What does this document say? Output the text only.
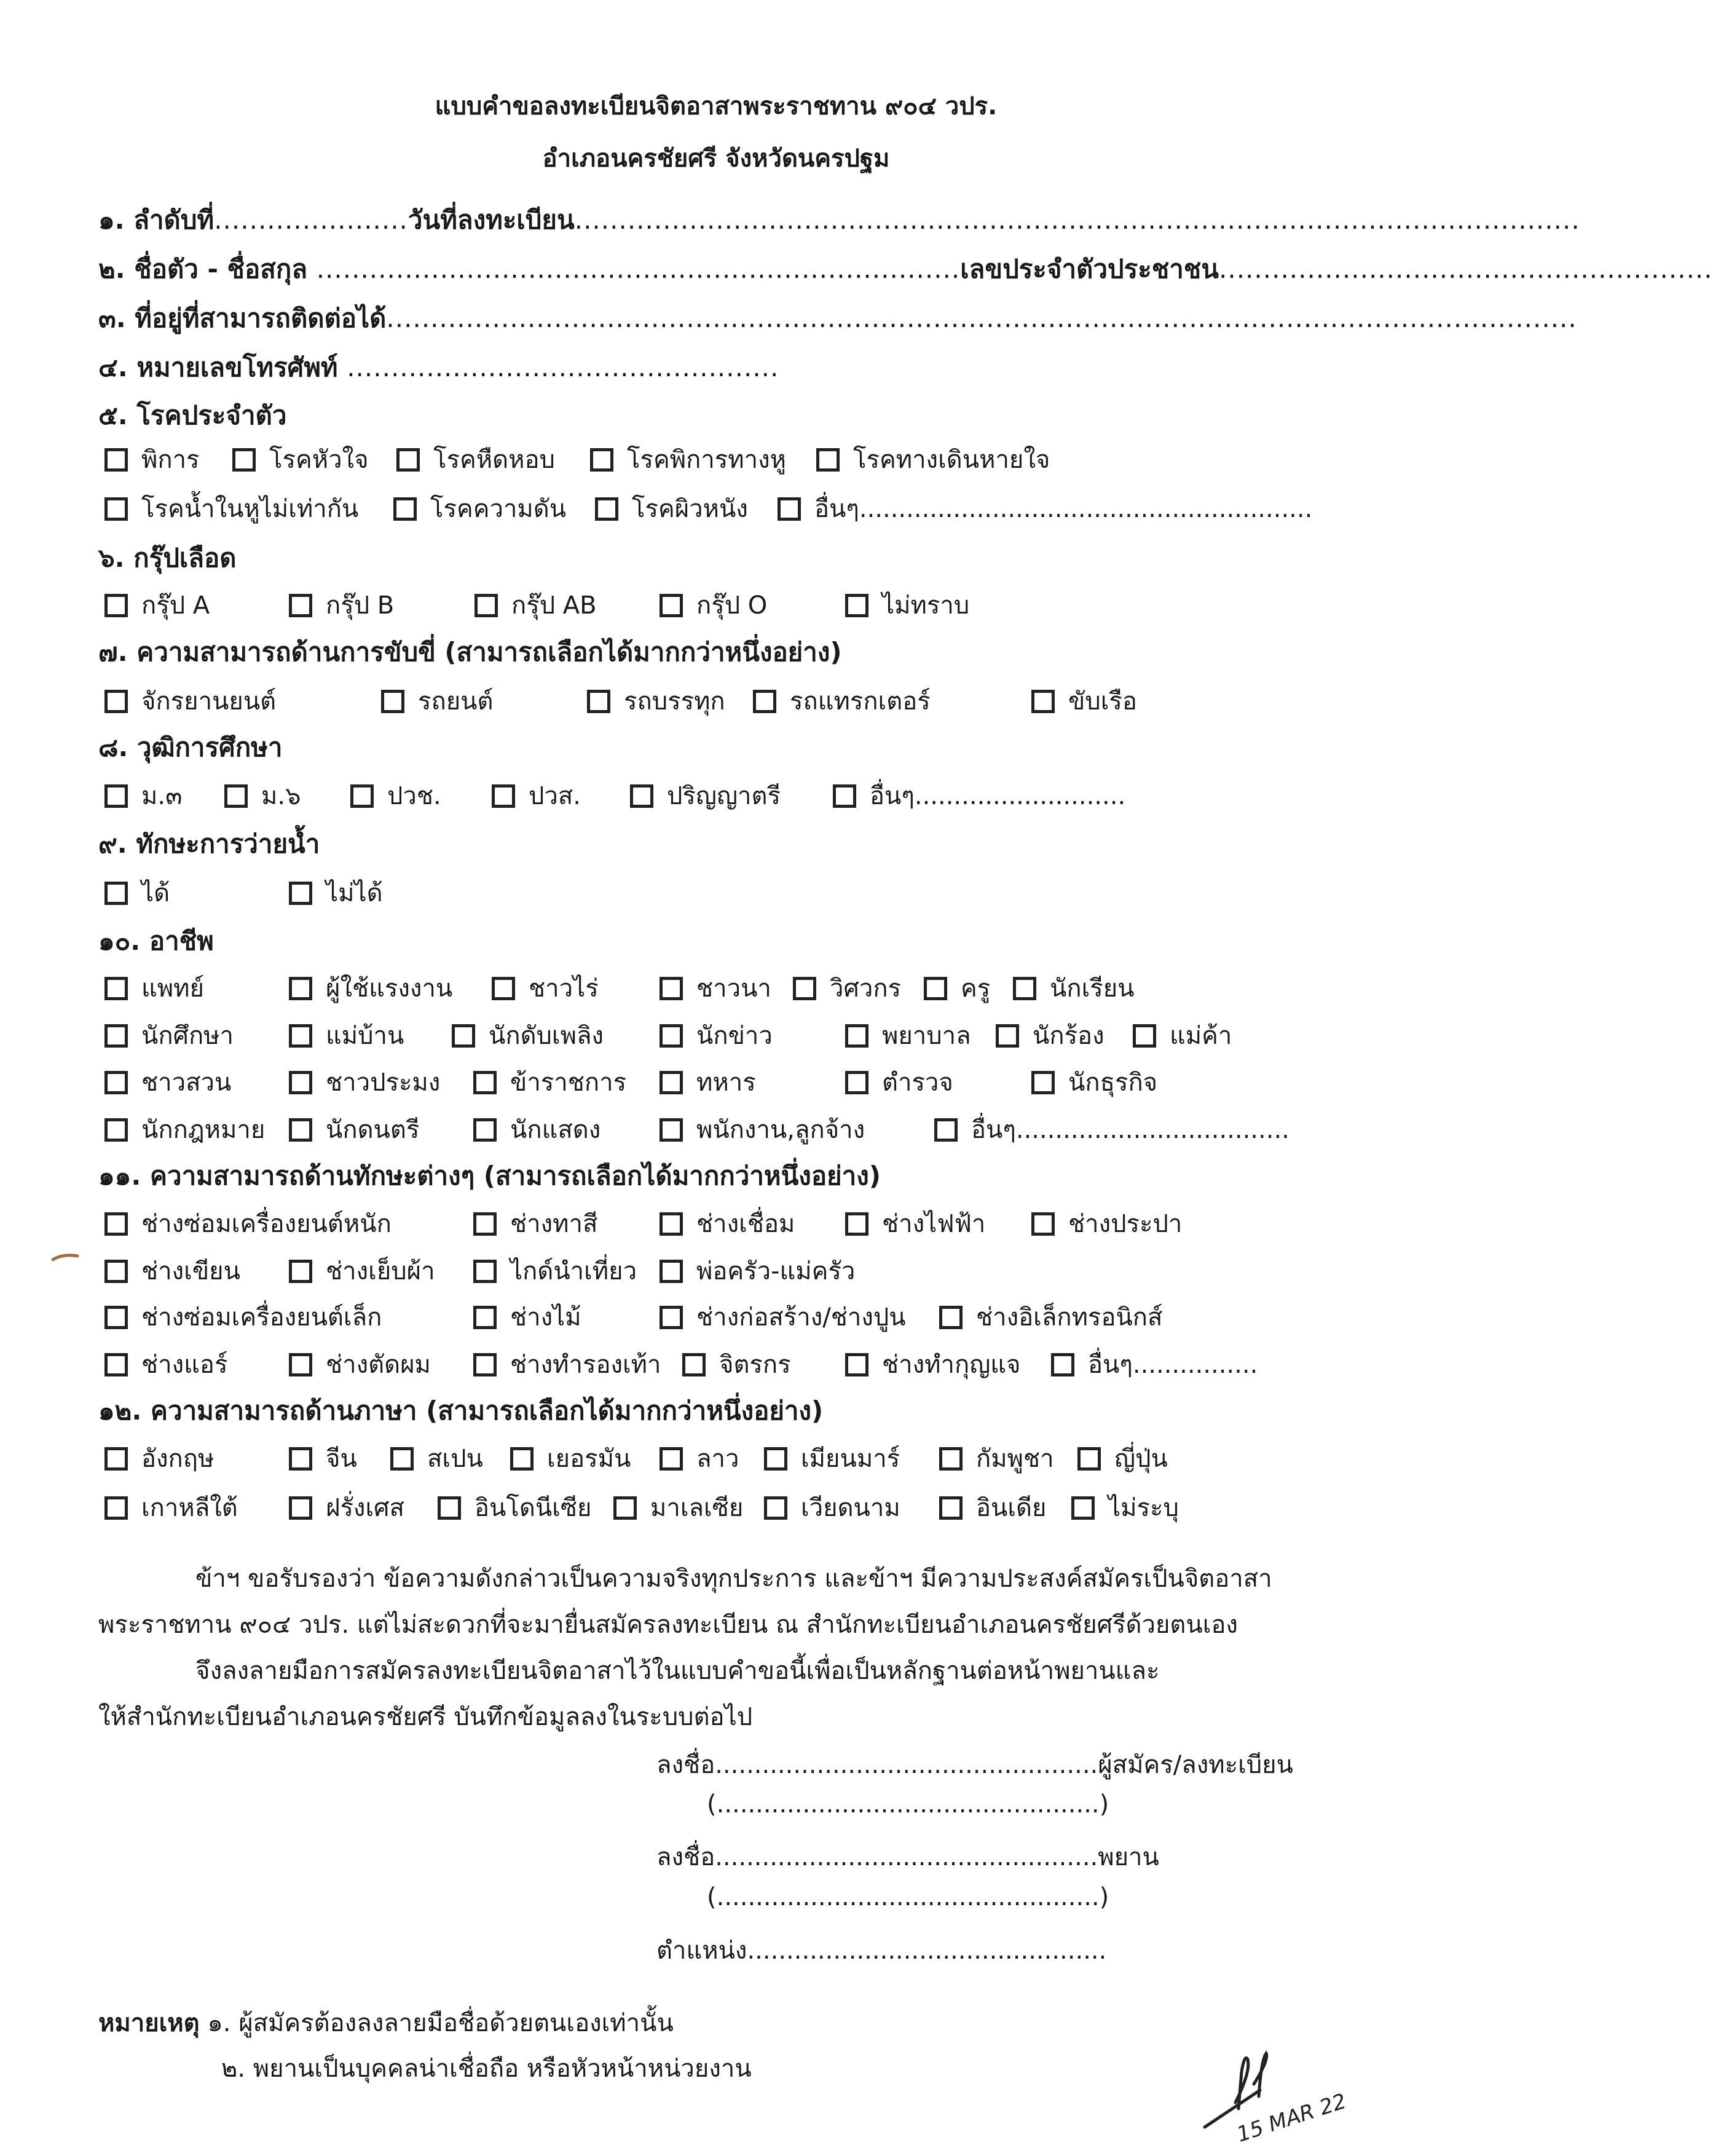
แบบคำขอลงทะเบียนจิตอาสาพระราชทาน ๙๐๔ วปร.
อำเภอนครชัยศรี จังหวัดนครปฐม
๑. ลำดับที่......................วันที่ลงทะเบียน..................................................................................................................
๒. ชื่อตัว - ชื่อสกุล .........................................................................เลขประจำตัวประชาชน........................................................
๓. ที่อยู่ที่สามารถติดต่อได้.......................................................................................................................................
๔. หมายเลขโทรศัพท์ .................................................
๕. โรคประจำตัว
พิการ	โรคหัวใจ	โรคหืดหอบ	โรคพิการทางหู	โรคทางเดินหายใจ
โรคน้ำในหูไม่เท่ากัน	โรคความดัน	โรคผิวหนัง	อื่นๆ..........................................................
๖. กรุ๊ปเลือด
กรุ๊ป A	กรุ๊ป B	กรุ๊ป AB	กรุ๊ป O	ไม่ทราบ
๗. ความสามารถด้านการขับขี่ (สามารถเลือกได้มากกว่าหนึ่งอย่าง)
จักรยานยนต์	รถยนต์	รถบรรทุก	รถแทรกเตอร์	ขับเรือ
๘. วุฒิการศึกษา
ม.๓	ม.๖	ปวช.	ปวส.	ปริญญาตรี	อื่นๆ...........................
๙. ทักษะการว่ายน้ำ
ได้	ไม่ได้
๑๐. อาชีพ
แพทย์	ผู้ใช้แรงงาน	ชาวไร่	ชาวนา	วิศวกร	ครู	นักเรียน
นักศึกษา	แม่บ้าน	นักดับเพลิง	นักข่าว	พยาบาล	นักร้อง	แม่ค้า
ชาวสวน	ชาวประมง	ข้าราชการ	ทหาร	ตำรวจ	นักธุรกิจ
นักกฎหมาย	นักดนตรี	นักแสดง	พนักงาน,ลูกจ้าง	อื่นๆ...................................
๑๑. ความสามารถด้านทักษะต่างๆ (สามารถเลือกได้มากกว่าหนึ่งอย่าง)
ช่างซ่อมเครื่องยนต์หนัก	ช่างทาสี	ช่างเชื่อม	ช่างไฟฟ้า	ช่างประปา
ช่างเขียน	ช่างเย็บผ้า	ไกด์นำเที่ยว	พ่อครัว-แม่ครัว
ช่างซ่อมเครื่องยนต์เล็ก	ช่างไม้	ช่างก่อสร้าง/ช่างปูน	ช่างอิเล็กทรอนิกส์
ช่างแอร์	ช่างตัดผม	ช่างทำรองเท้า	จิตรกร	ช่างทำกุญแจ	อื่นๆ................
๑๒. ความสามารถด้านภาษา (สามารถเลือกได้มากกว่าหนึ่งอย่าง)
อังกฤษ	จีน	สเปน	เยอรมัน	ลาว	เมียนมาร์	กัมพูชา	ญี่ปุ่น
เกาหลีใต้	ฝรั่งเศส	อินโดนีเซีย	มาเลเซีย	เวียดนาม	อินเดีย	ไม่ระบุ
ข้าฯ ขอรับรองว่า ข้อความดังกล่าวเป็นความจริงทุกประการ และข้าฯ มีความประสงค์สมัครเป็นจิตอาสา
พระราชทาน ๙๐๔ วปร. แต่ไม่สะดวกที่จะมายื่นสมัครลงทะเบียน ณ สำนักทะเบียนอำเภอนครชัยศรีด้วยตนเอง
จึงลงลายมือการสมัครลงทะเบียนจิตอาสาไว้ในแบบคำขอนี้เพื่อเป็นหลักฐานต่อหน้าพยานและ
ให้สำนักทะเบียนอำเภอนครชัยศรี บันทึกข้อมูลลงในระบบต่อไป
ลงชื่อ.................................................ผู้สมัคร/ลงทะเบียน
(.................................................)
ลงชื่อ.................................................พยาน
(.................................................)
ตำแหน่ง..............................................
หมายเหตุ ๑. ผู้สมัครต้องลงลายมือชื่อด้วยตนเองเท่านั้น
๒. พยานเป็นบุคคลน่าเชื่อถือ หรือหัวหน้าหน่วยงาน
15 MAR 22
